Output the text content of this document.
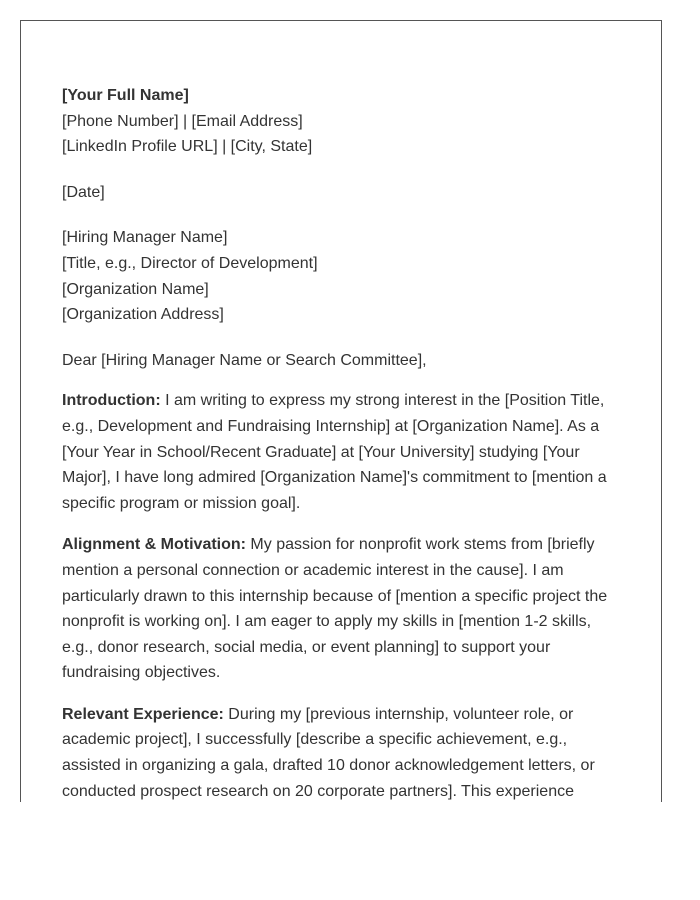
[Your Full Name]
[Phone Number] | [Email Address]
[LinkedIn Profile URL] | [City, State]
[Date]
[Hiring Manager Name]
[Title, e.g., Director of Development]
[Organization Name]
[Organization Address]
Dear [Hiring Manager Name or Search Committee],

Introduction: I am writing to express my strong interest in the [Position Title, e.g., Development and Fundraising Internship] at [Organization Name]. As a [Your Year in School/Recent Graduate] at [Your University] studying [Your Major], I have long admired [Organization Name]'s commitment to [mention a specific program or mission goal].

Alignment & Motivation: My passion for nonprofit work stems from [briefly mention a personal connection or academic interest in the cause]. I am particularly drawn to this internship because of [mention a specific project the nonprofit is working on]. I am eager to apply my skills in [mention 1-2 skills, e.g., donor research, social media, or event planning] to support your fundraising objectives.

Relevant Experience: During my [previous internship, volunteer role, or academic project], I successfully [describe a specific achievement, e.g., assisted in organizing a gala, drafted 10 donor acknowledgement letters, or conducted prospect research on 20 corporate partners]. This experience
